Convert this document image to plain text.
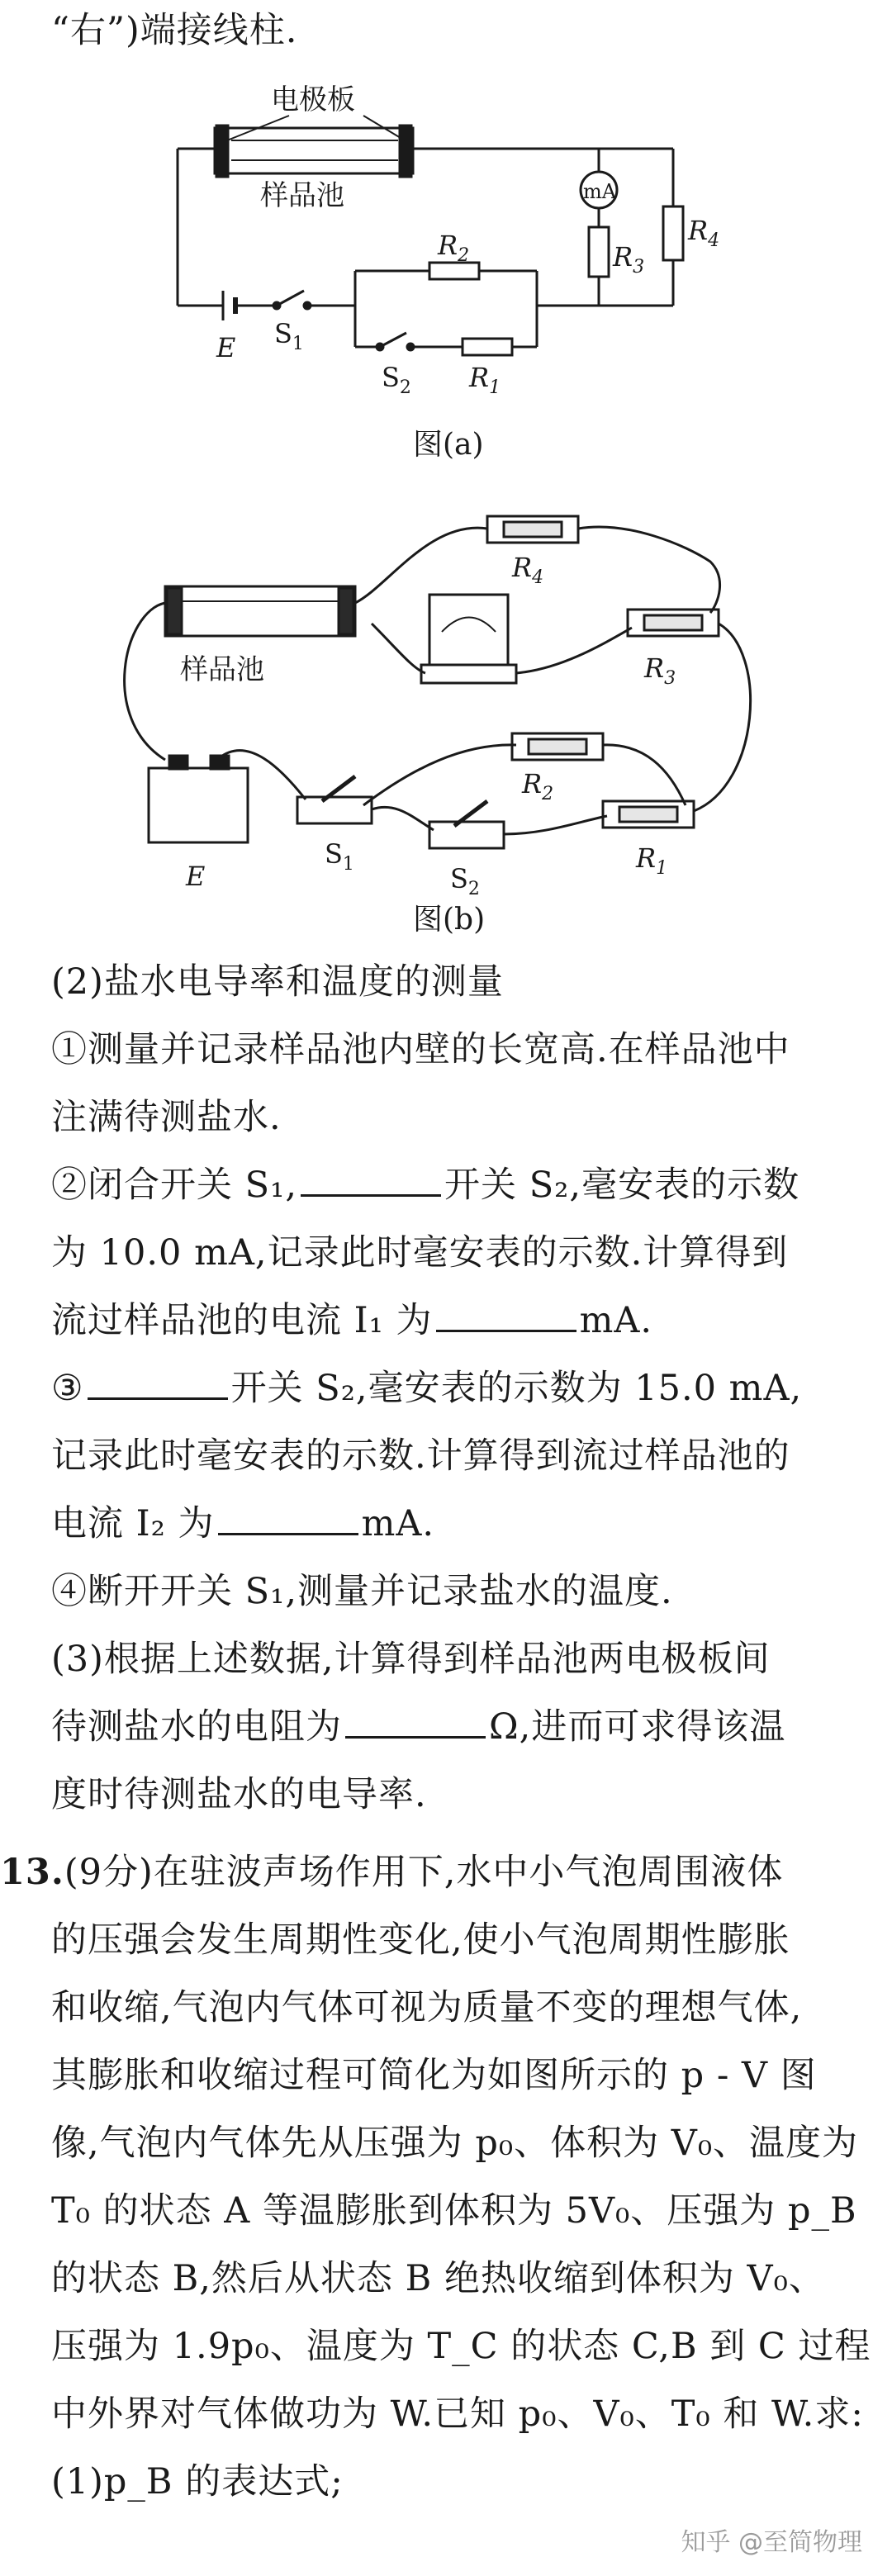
“右”)端接线柱.
电极板
样品池	mA
$R_4$
$R_3$
$R_2$
$R_1$
E $S_1$
$S_2$
图(a)
样品池
$R_4$
$R_3$
$R_2$
$R_1$
E
$S_1$	$S_2$
图(b)
(2)盐水电导率和温度的测量
①测量并记录样品池内壁的长宽高.在样品池中
注满待测盐水.
②闭合开关 S₁,	开关 S₂,毫安表的示数
为 10.0 mA,记录此时毫安表的示数.计算得到
流过样品池的电流 I₁ 为	mA.
③	开关 S₂,毫安表的示数为 15.0 mA,
记录此时毫安表的示数.计算得到流过样品池的
电流 I₂ 为	mA.
④断开开关 S₁,测量并记录盐水的温度.
(3)根据上述数据,计算得到样品池两电极板间
待测盐水的电阻为	Ω,进而可求得该温
度时待测盐水的电导率.
13.(9分)在驻波声场作用下,水中小气泡周围液体
的压强会发生周期性变化,使小气泡周期性膨胀
和收缩,气泡内气体可视为质量不变的理想气体,
其膨胀和收缩过程可简化为如图所示的 p - V 图
像,气泡内气体先从压强为 p₀、体积为 V₀、温度为
T₀ 的状态 A 等温膨胀到体积为 5V₀、压强为 p_B
的状态 B,然后从状态 B 绝热收缩到体积为 V₀、
压强为 1.9p₀、温度为 T_C 的状态 C,B 到 C 过程
中外界对气体做功为 W.已知 p₀、V₀、T₀ 和 W.求:
(1)p_B 的表达式;
知乎 @至简物理
